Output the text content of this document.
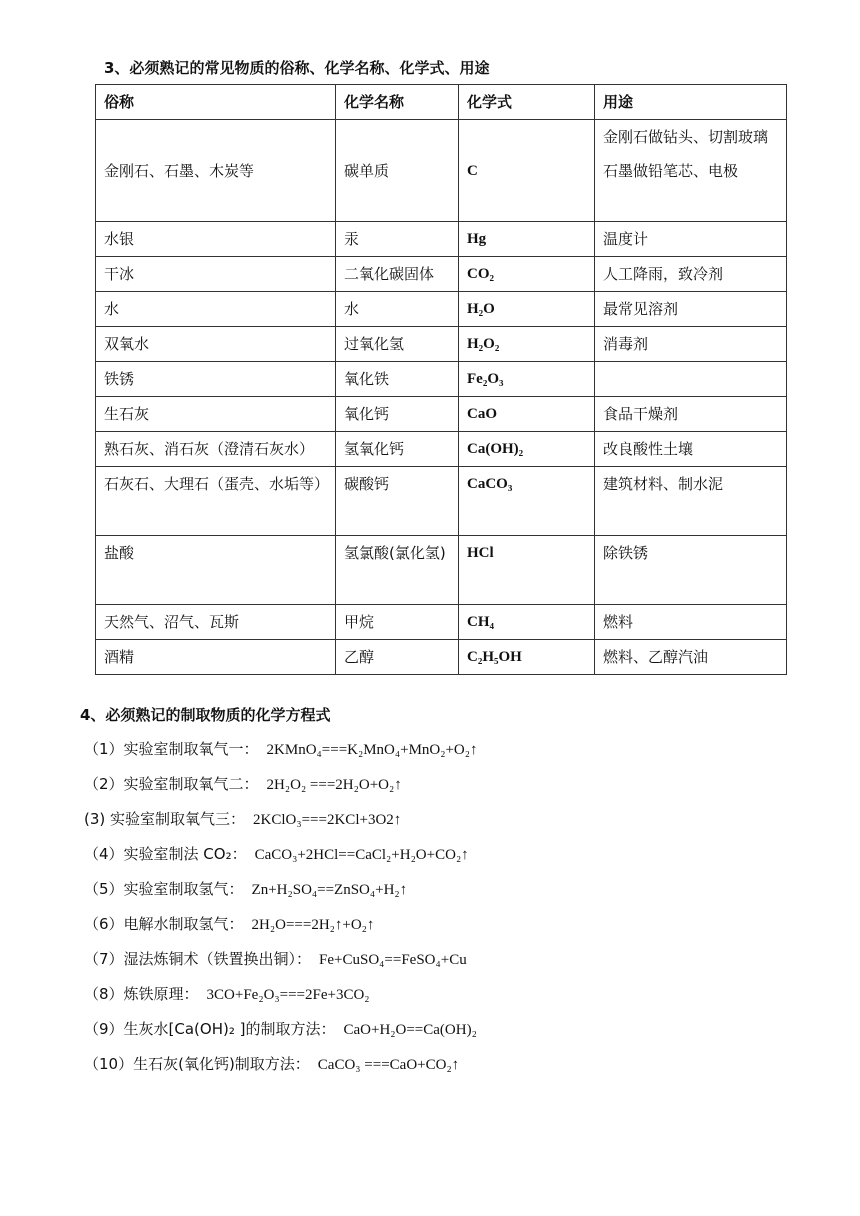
3、必须熟记的常见物质的俗称、化学名称、化学式、用途
俗称	化学名称	化学式	用途
金刚石、石墨、木炭等	碳单质	C	金刚石做钻头、切割玻璃
石墨做铅笔芯、电极

水银	汞	Hg	温度计
干冰	二氧化碳固体	CO₂	人工降雨，致冷剂
水	水	H₂O	最常见溶剂
双氧水	过氧化氢	H₂O₂	消毒剂
铁锈	氧化铁	Fe₂O₃	
生石灰	氧化钙	CaO	食品干燥剂
熟石灰、消石灰（澄清石灰水）	氢氧化钙	Ca(OH)₂	改良酸性土壤
石灰石、大理石（蛋壳、水垢等）	碳酸钙	CaCO₃	建筑材料、制水泥
盐酸	氢氯酸(氯化氢)	HCl	除铁锈
天然气、沼气、瓦斯	甲烷	CH₄	燃料
酒精	乙醇	C₂H₅OH	燃料、乙醇汽油
4、必须熟记的制取物质的化学方程式
（1）实验室制取氧气一： 2KMnO₄===K₂MnO₄+MnO₂+O₂↑
（2）实验室制取氧气二： 2H₂O₂ ===2H₂O+O₂↑
(3) 实验室制取氧气三： 2KClO₃===2KCl+3O2↑
（4）实验室制法 CO₂： CaCO₃+2HCl==CaCl₂+H₂O+CO₂↑
（5）实验室制取氢气： Zn+H₂SO₄==ZnSO₄+H₂↑
（6）电解水制取氢气： 2H₂O===2H₂↑+O₂↑
（7）湿法炼铜术（铁置换出铜）： Fe+CuSO₄==FeSO₄+Cu
（8）炼铁原理： 3CO+Fe₂O₃===2Fe+3CO₂
（9）生灰水[Ca(OH)₂ ]的制取方法： CaO+H₂O==Ca(OH)₂
（10）生石灰(氧化钙)制取方法： CaCO₃ ===CaO+CO₂↑
